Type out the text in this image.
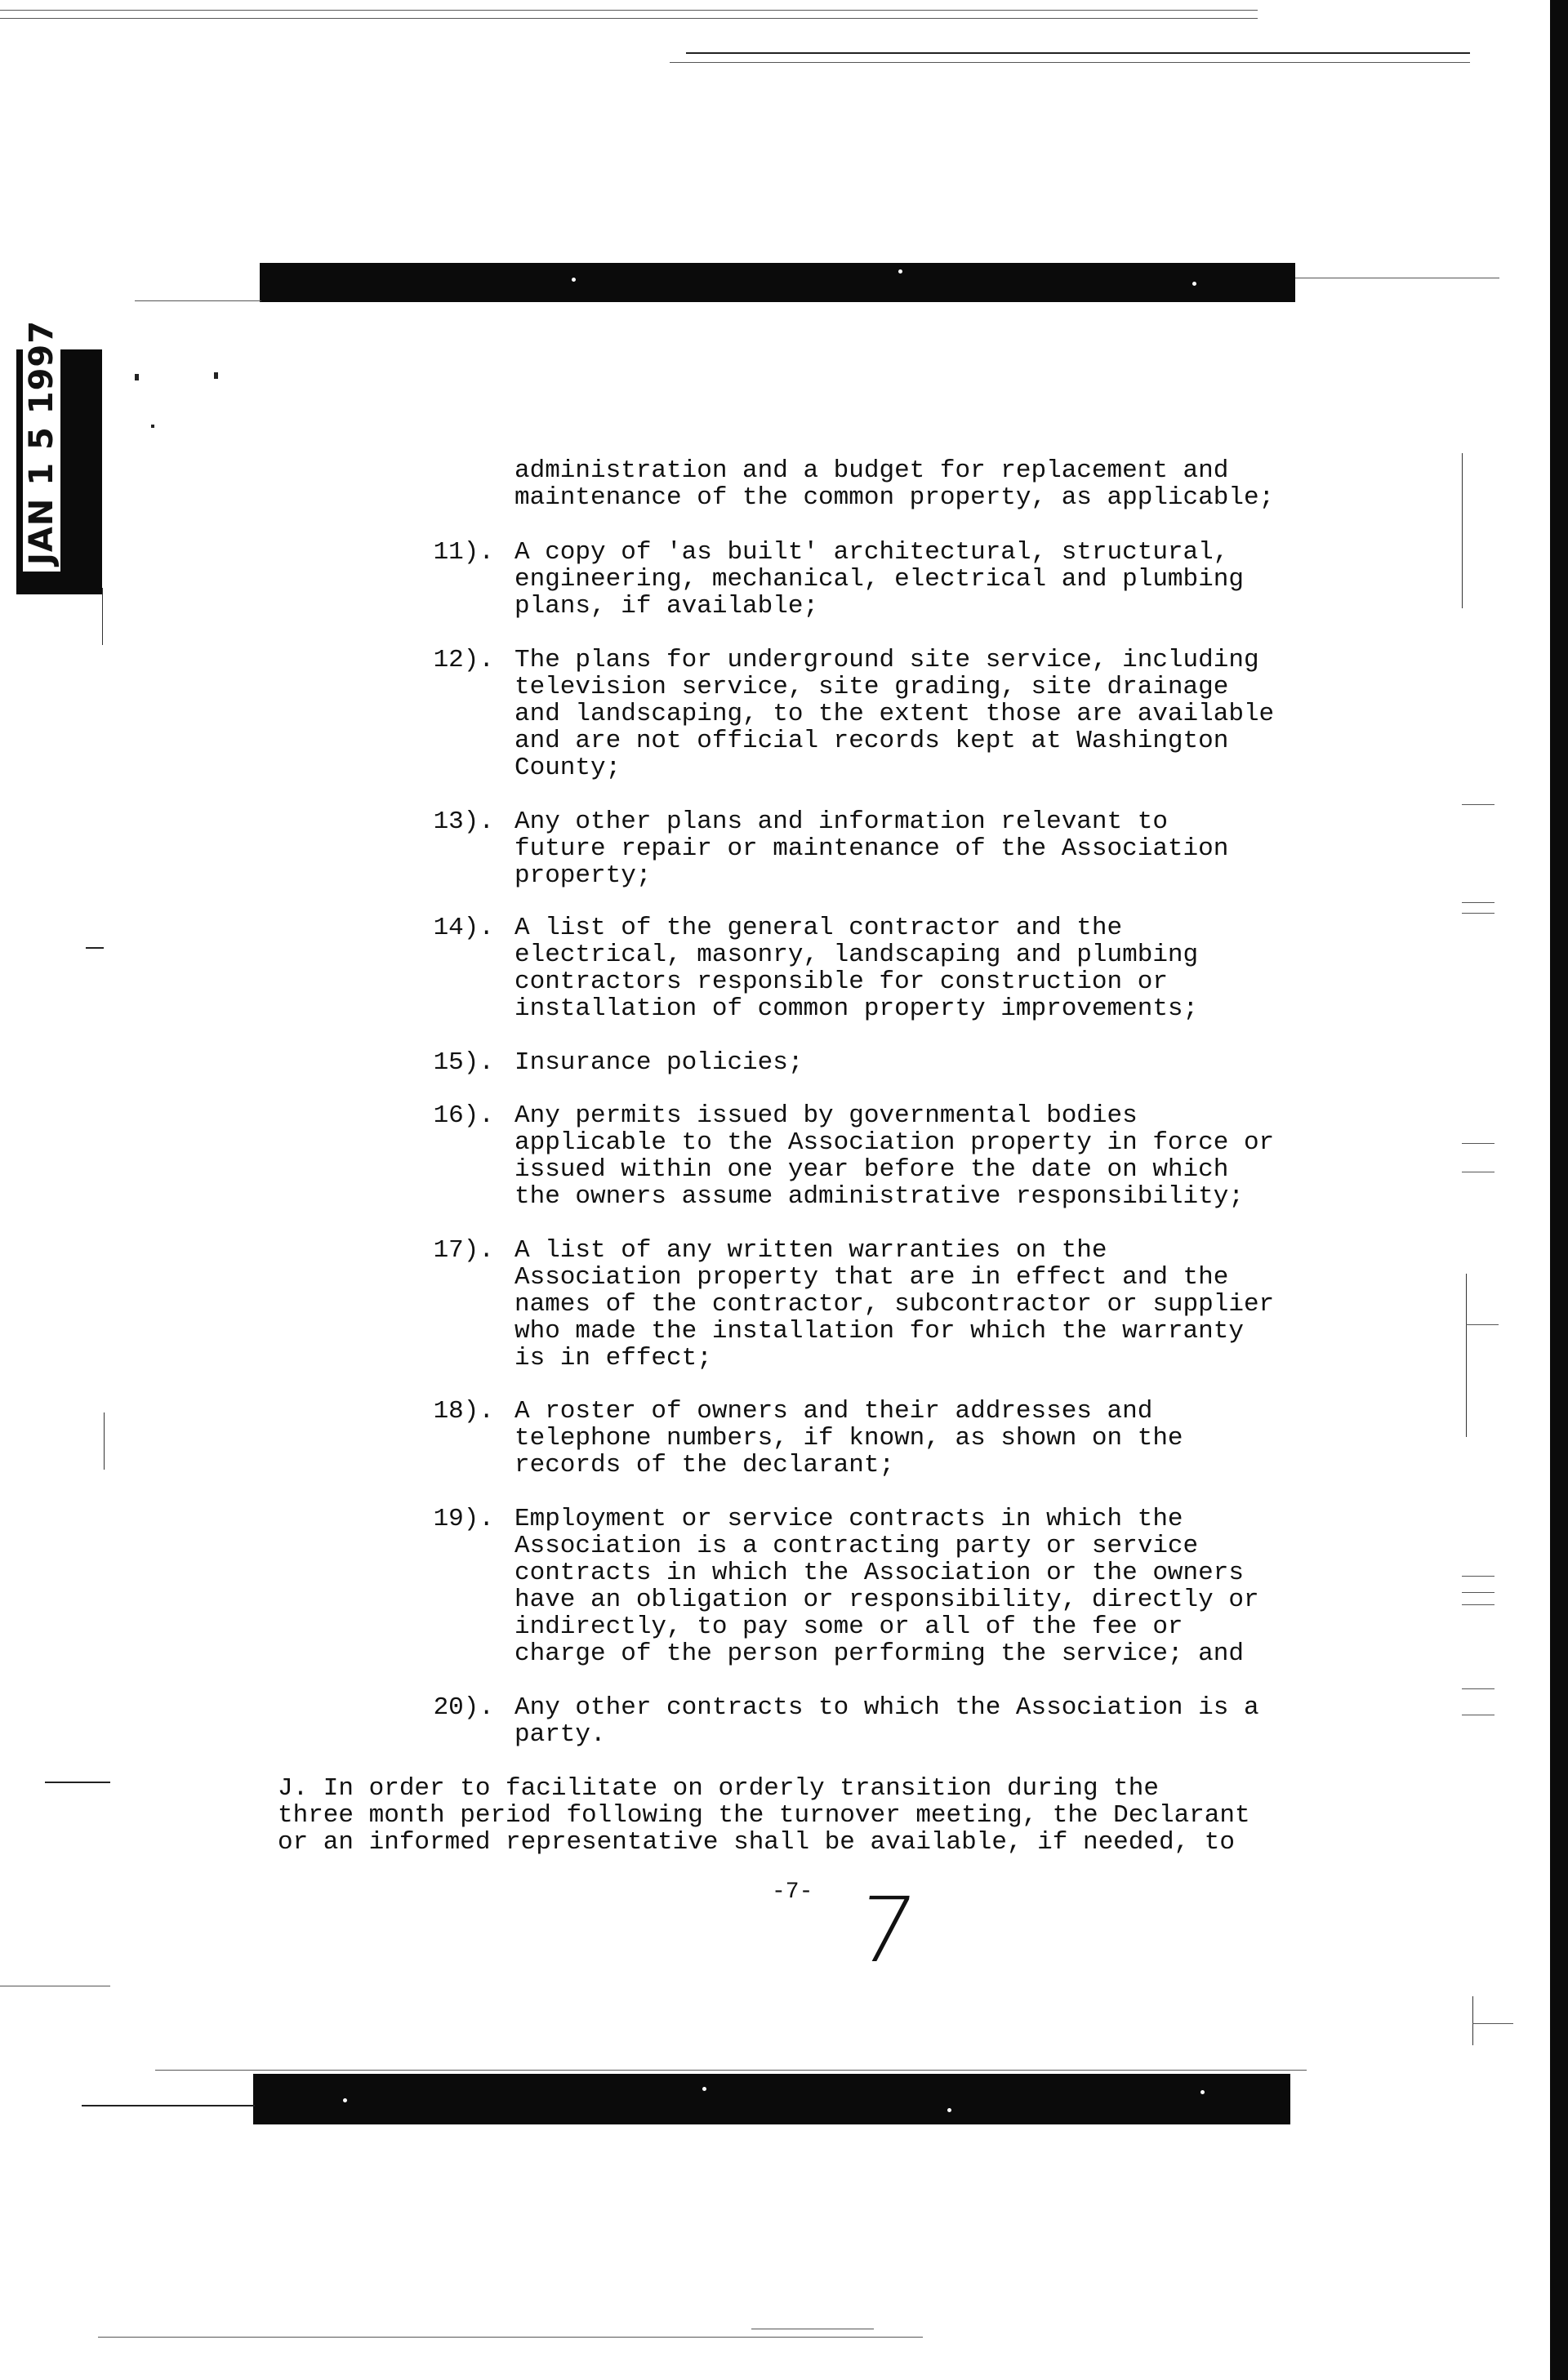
JAN 1 5 1997	administration and a budget for replacement and
maintenance of the common property, as applicable;
11). A copy of 'as built' architectural, structural,
engineering, mechanical, electrical and plumbing
plans, if available;
12). The plans for underground site service, including
television service, site grading, site drainage
and landscaping, to the extent those are available
and are not official records kept at Washington
County;
13). Any other plans and information relevant to
future repair or maintenance of the Association
property;
14). A list of the general contractor and the
electrical, masonry, landscaping and plumbing
contractors responsible for construction or
installation of common property improvements;
15). Insurance policies;
16). Any permits issued by governmental bodies
applicable to the Association property in force or
issued within one year before the date on which
the owners assume administrative responsibility;
17). A list of any written warranties on the
Association property that are in effect and the
names of the contractor, subcontractor or supplier
who made the installation for which the warranty
is in effect;
18). A roster of owners and their addresses and
telephone numbers, if known, as shown on the
records of the declarant;
19). Employment or service contracts in which the
Association is a contracting party or service
contracts in which the Association or the owners
have an obligation or responsibility, directly or
indirectly, to pay some or all of the fee or
charge of the person performing the service; and
20). Any other contracts to which the Association is a
party.
J. In order to facilitate on orderly transition during the
three month period following the turnover meeting, the Declarant
or an informed representative shall be available, if needed, to
-7- 7
